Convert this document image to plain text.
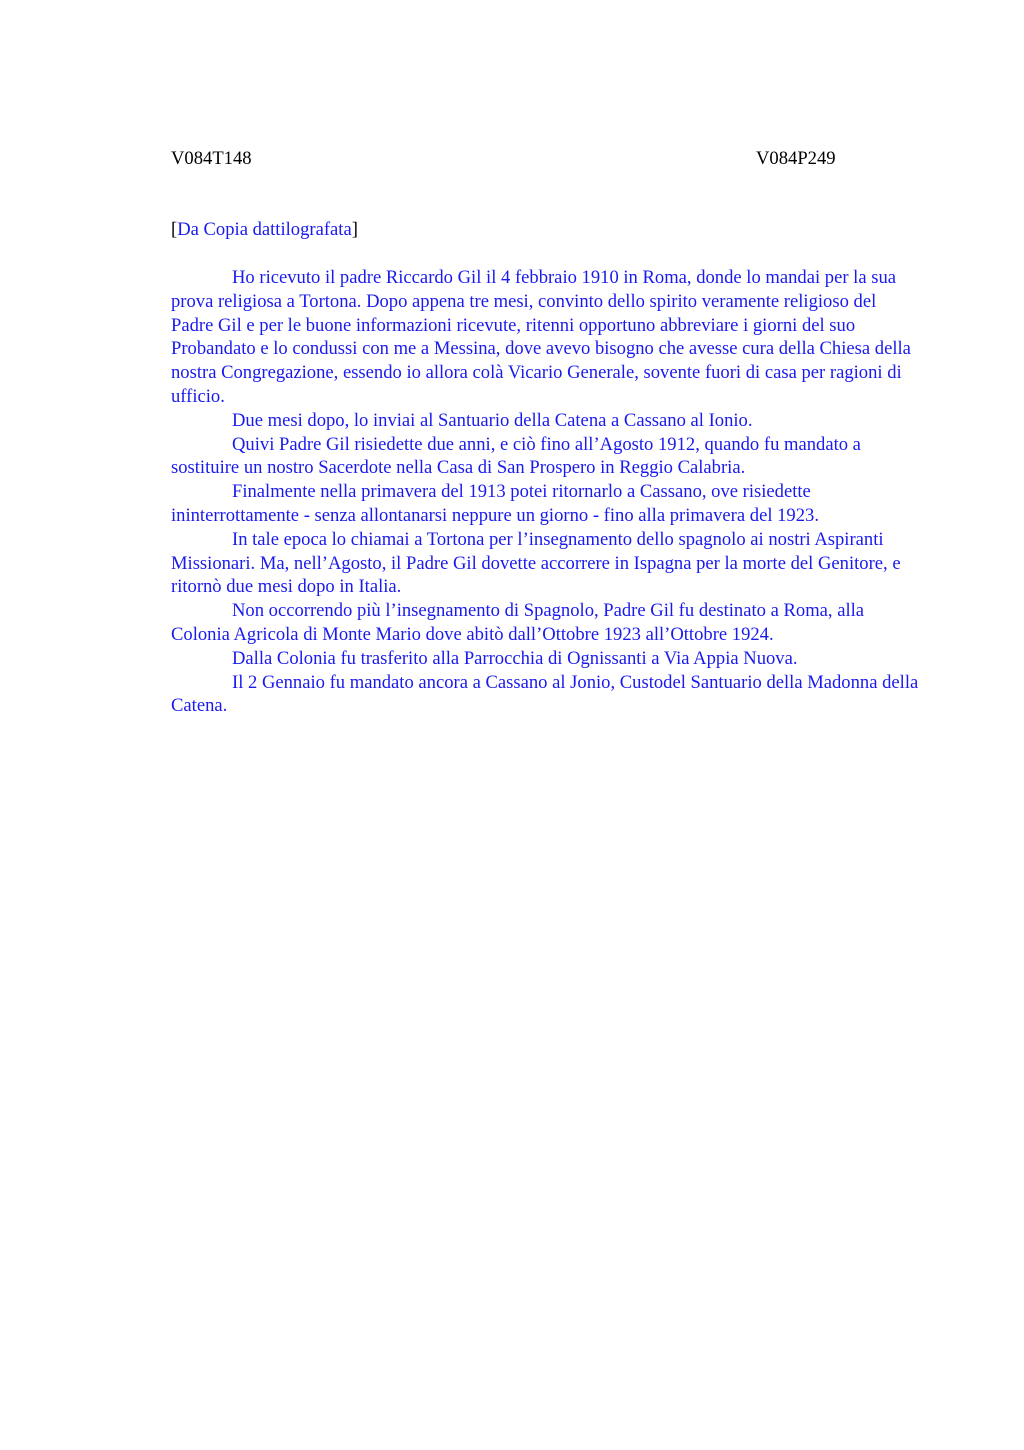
V084T148	V084P249
[Da Copia dattilografata]

Ho ricevuto il padre Riccardo Gil il 4 febbraio 1910 in Roma, donde lo mandai per la sua prova religiosa a Tortona. Dopo appena tre mesi, convinto dello spirito veramente religioso del Padre Gil e per le buone informazioni ricevute, ritenni opportuno abbreviare i giorni del suo Probandato e lo condussi con me a Messina, dove avevo bisogno che avesse cura della Chiesa della nostra Congregazione, essendo io allora colà Vicario Generale, sovente fuori di casa per ragioni di ufficio.

Due mesi dopo, lo inviai al Santuario della Catena a Cassano al Ionio.

Quivi Padre Gil risiedette due anni, e ciò fino all’Agosto 1912, quando fu mandato a sostituire un nostro Sacerdote nella Casa di San Prospero in Reggio Calabria.

Finalmente nella primavera del 1913 potei ritornarlo a Cassano, ove risiedette ininterrottamente - senza allontanarsi neppure un giorno - fino alla primavera del 1923.

In tale epoca lo chiamai a Tortona per l’insegnamento dello spagnolo ai nostri Aspiranti Missionari. Ma, nell’Agosto, il Padre Gil dovette accorrere in Ispagna per la morte del Genitore, e ritornò due mesi dopo in Italia.

Non occorrendo più l’insegnamento di Spagnolo, Padre Gil fu destinato a Roma, alla Colonia Agricola di Monte Mario dove abitò dall’Ottobre 1923 all’Ottobre 1924.

Dalla Colonia fu trasferito alla Parrocchia di Ognissanti a Via Appia Nuova.

Il 2 Gennaio fu mandato ancora a Cassano al Jonio, Custodel Santuario della Madonna della Catena.
